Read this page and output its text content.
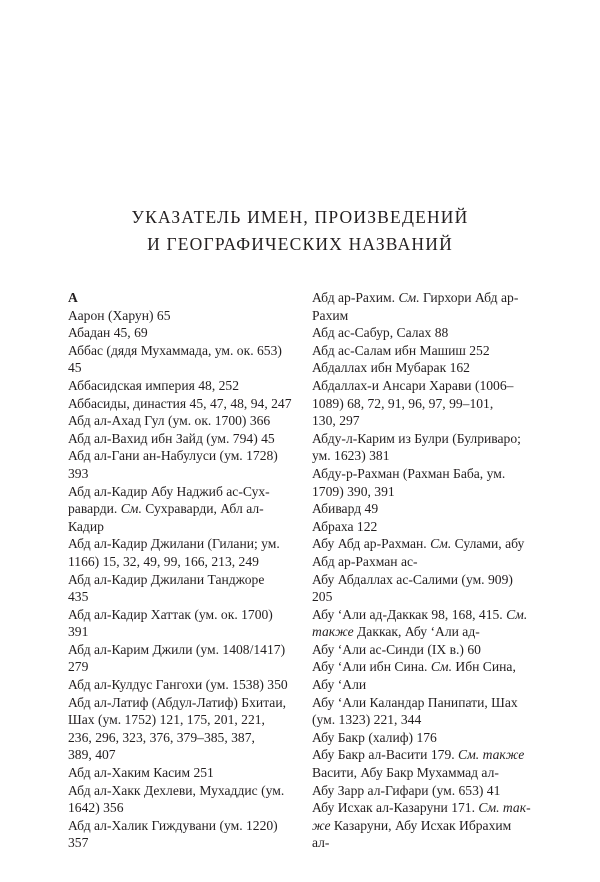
УКАЗАТЕЛЬ ИМЕН, ПРОИЗВЕДЕНИЙ
И ГЕОГРАФИЧЕСКИХ НАЗВАНИЙ
А
Аарон (Харун) 65
Абадан 45, 69
Аббас (дядя Мухаммада, ум. ок. 653)
45
Аббасидская империя 48, 252
Аббасиды, династия 45, 47, 48, 94, 247
Абд ал-Ахад Гул (ум. ок. 1700) 366
Абд ал-Вахид ибн Зайд (ум. 794) 45
Абд ал-Гани ан-Набулуси (ум. 1728)
393
Абд ал-Кадир Абу Наджиб ас-Сух-
раварди. См. Сухраварди, Абл ал-
Кадир
Абд ал-Кадир Джилани (Гилани; ум.
1166) 15, 32, 49, 99, 166, 213, 249
Абд ал-Кадир Джилани Танджоре
435
Абд ал-Кадир Хаттак (ум. ок. 1700)
391
Абд ал-Карим Джили (ум. 1408/1417)
279
Абд ал-Кулдус Гангохи (ум. 1538) 350
Абд ал-Латиф (Абдул-Латиф) Бхитаи,
Шах (ум. 1752) 121, 175, 201, 221,
236, 296, 323, 376, 379–385, 387,
389, 407
Абд ал-Хаким Касим 251
Абд ал-Хакк Дехлеви, Мухаддис (ум.
1642) 356
Абд ал-Халик Гиждувани (ум. 1220)
357
Абд ар-Рахим. См. Гирхори Абд ар-
Рахим
Абд ас-Сабур, Салах 88
Абд ас-Салам ибн Машиш 252
Абдаллах ибн Мубарак 162
Абдаллах-и Ансари Харави (1006–
1089) 68, 72, 91, 96, 97, 99–101,
130, 297
Абду-л-Карим из Булри (Булриваро;
ум. 1623) 381
Абду-р-Рахман (Рахман Баба, ум.
1709) 390, 391
Абивард 49
Абраха 122
Абу Абд ар-Рахман. См. Сулами, абу
Абд ар-Рахман ас-
Абу Абдаллах ас-Салими (ум. 909)
205
Абу ‘Али ад-Даккак 98, 168, 415. См.
также Даккак, Абу ‘Али ад-
Абу ‘Али ас-Синди (IX в.) 60
Абу ‘Али ибн Сина. См. Ибн Сина,
Абу ‘Али
Абу ‘Али Каландар Панипати, Шах
(ум. 1323) 221, 344
Абу Бакр (халиф) 176
Абу Бакр ал-Васити 179. См. также
Васити, Абу Бакр Мухаммад ал-
Абу Зарр ал-Гифари (ум. 653) 41
Абу Исхак ал-Казаруни 171. См. так-
же Казаруни, Абу Исхак Ибрахим
ал-
